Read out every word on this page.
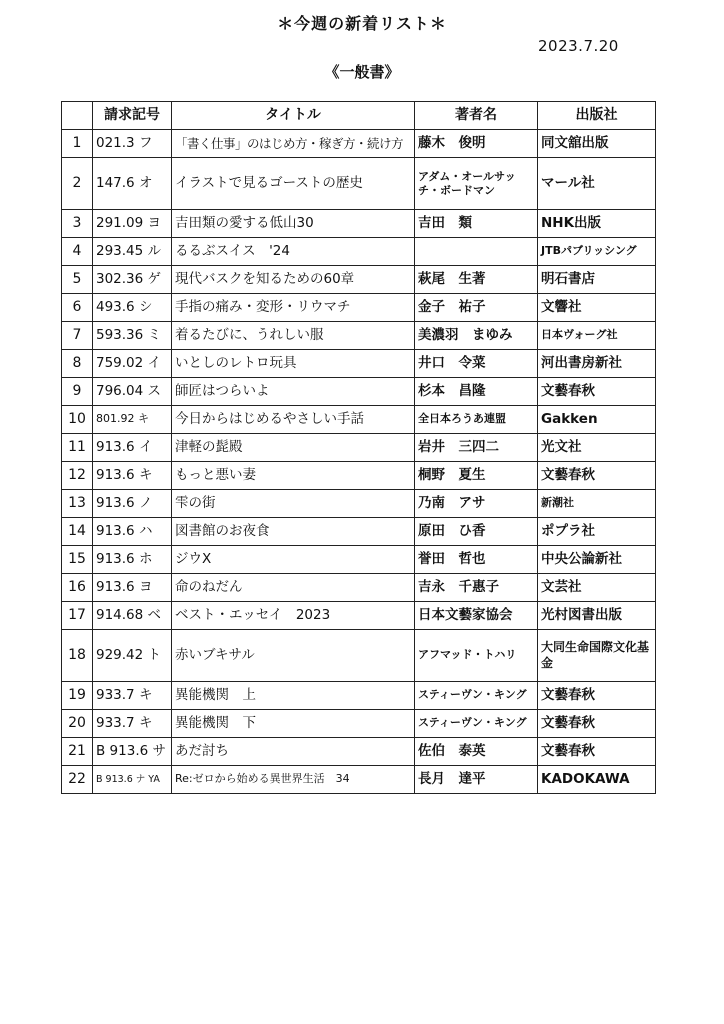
＊今週の新着リスト＊
2023.7.20
《一般書》
	請求記号	タイトル	著者名	出版社
1	021.3 フ	「書く仕事」のはじめ方・稼ぎ方・続け方	藤木　俊明	同文舘出版
2	147.6 オ	イラストで見るゴーストの歴史	アダム・オールサッチ・ボードマン	マール社
3	291.09 ヨ	吉田類の愛する低山30	吉田　類	NHK出版
4	293.45 ル	るるぶスイス　'24		JTBパブリッシング
5	302.36 ゲ	現代バスクを知るための60章	萩尾　生著	明石書店
6	493.6 シ	手指の痛み・変形・リウマチ	金子　祐子	文響社
7	593.36 ミ	着るたびに、うれしい服	美濃羽　まゆみ	日本ヴォーグ社
8	759.02 イ	いとしのレトロ玩具	井口　令菜	河出書房新社
9	796.04 ス	師匠はつらいよ	杉本　昌隆	文藝春秋
10	801.92 キ	今日からはじめるやさしい手話	全日本ろうあ連盟	Gakken
11	913.6 イ	津軽の髭殿	岩井　三四二	光文社
12	913.6 キ	もっと悪い妻	桐野　夏生	文藝春秋
13	913.6 ノ	雫の街	乃南　アサ	新潮社
14	913.6 ハ	図書館のお夜食	原田　ひ香	ポプラ社
15	913.6 ホ	ジウX	誉田　哲也	中央公論新社
16	913.6 ヨ	命のねだん	吉永　千惠子	文芸社
17	914.68 ベ	ベスト・エッセイ　2023	日本文藝家協会	光村図書出版
18	929.42 ト	赤いブキサル	アフマッド・トハリ	大同生命国際文化基金
19	933.7 キ	異能機関　上	スティーヴン・キング	文藝春秋
20	933.7 キ	異能機関　下	スティーヴン・キング	文藝春秋
21	B 913.6 サ	あだ討ち	佐伯　泰英	文藝春秋
22	B 913.6 ナ YA	Re:ゼロから始める異世界生活　34	長月　達平	KADOKAWA
